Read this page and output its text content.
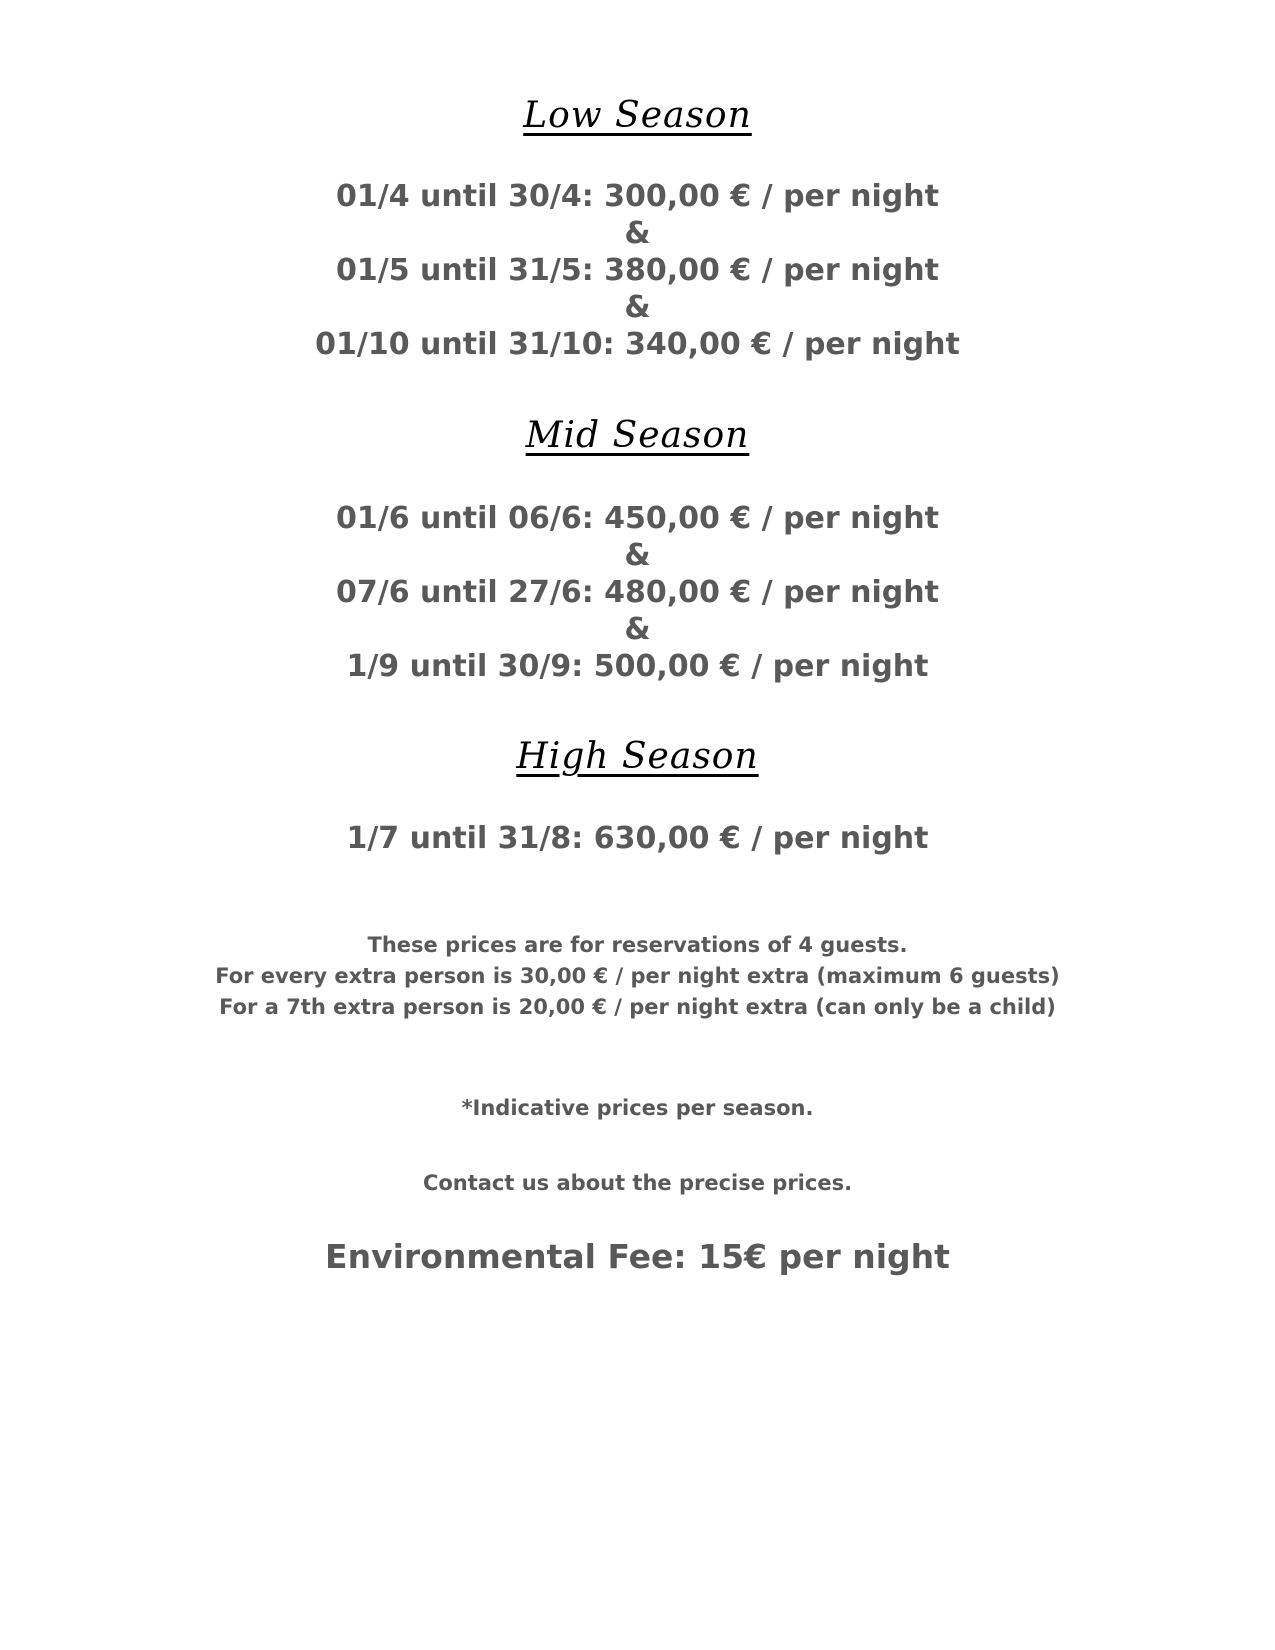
Low Season
01/4 until 30/4: 300,00 € / per night
&
01/5 until 31/5: 380,00 € / per night
&
01/10 until 31/10: 340,00 € / per night
Mid Season
01/6 until 06/6: 450,00 € / per night
&
07/6 until 27/6: 480,00 € / per night
&
1/9 until 30/9: 500,00 € / per night
High Season
1/7 until 31/8: 630,00 € / per night
These prices are for reservations of 4 guests.
For every extra person is 30,00 € / per night extra (maximum 6 guests)
For a 7th extra person is 20,00 € / per night extra (can only be a child)
*Indicative prices per season.
Contact us about the precise prices.
Environmental Fee: 15€ per night
